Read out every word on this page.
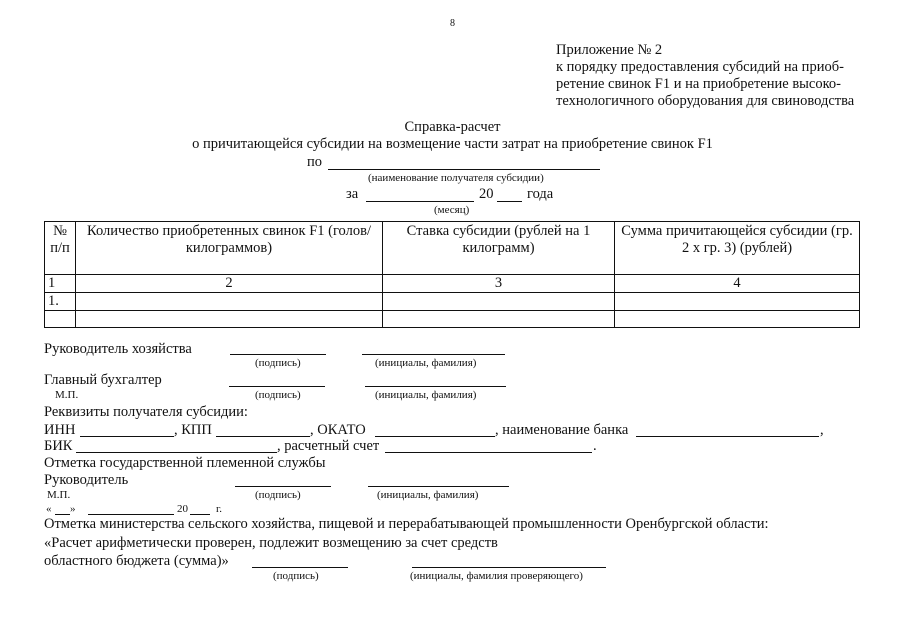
8
Приложение № 2
к порядку предоставления субсидий на приоб-
ретение свинок F1 и на приобретение высоко-
технологичного оборудования для свиноводства
Справка-расчет
о причитающейся субсидии на возмещение части затрат на приобретение свинок F1
по
(наименование получателя субсидии)
за	20 года
(месяц)
№ п/п	Количество приобретенных свинок F1 (голов/килограммов)	Ставка субсидии (рублей на 1 килограмм)	Сумма причитающейся субсидии (гр. 2 х гр. 3) (рублей)
1	2	3	4
1.			

Руководитель хозяйства
(подпись)	(инициалы, фамилия)
Главный бухгалтер
М.П.	(подпись)	(инициалы, фамилия)
Реквизиты получателя субсидии:
ИНН	, КПП	, ОКАТО	, наименование банка	,
БИК	, расчетный счет	.
Отметка государственной племенной службы
Руководитель
М.П.	(подпись)	(инициалы, фамилия)
« »	20	г.
Отметка министерства сельского хозяйства, пищевой и перерабатывающей промышленности Оренбургской области:
«Расчет арифметически проверен, подлежит возмещению за счет средств
областного бюджета (сумма)»
(подпись)	(инициалы, фамилия проверяющего)
